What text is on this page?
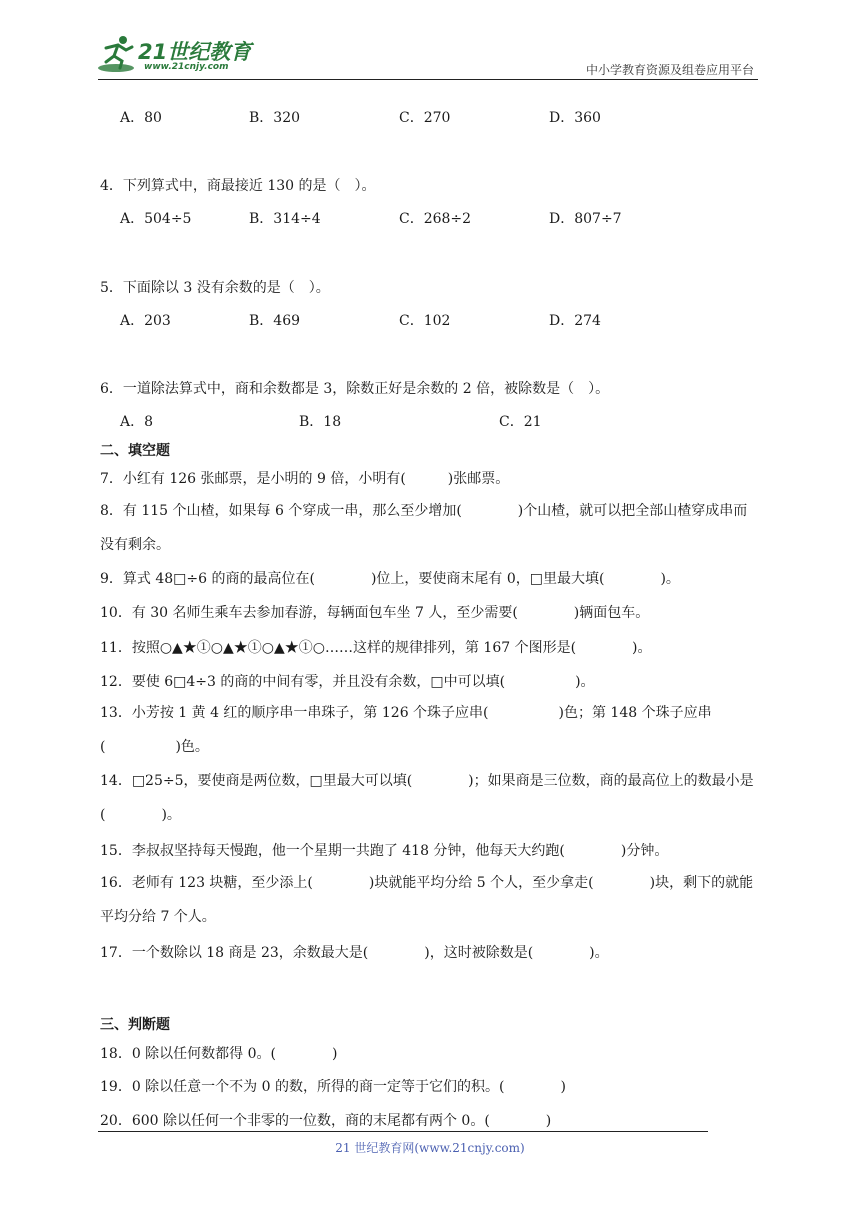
21世纪教育
www.21cnjy.com	中小学教育资源及组卷应用平台
A．80	B．320	C．270	D．360
4．下列算式中，商最接近 130 的是（　）。
A．504÷5	B．314÷4	C．268÷2	D．807÷7
5．下面除以 3 没有余数的是（　）。
A．203	B．469	C．102	D．274
6．一道除法算式中，商和余数都是 3，除数正好是余数的 2 倍，被除数是（　）。
A．8	B．18	C．21
二、填空题
7．小红有 126 张邮票，是小明的 9 倍，小明有(　　　)张邮票。
8．有 115 个山楂，如果每 6 个穿成一串，那么至少增加(　　　　)个山楂，就可以把全部山楂穿成串而没有剩余。
9．算式 48□÷6 的商的最高位在(　　　　)位上，要使商末尾有 0，□里最大填(　　　　)。
10．有 30 名师生乘车去参加春游，每辆面包车坐 7 人，至少需要(　　　　)辆面包车。
11．按照○▲★①○▲★①○▲★①○……这样的规律排列，第 167 个图形是(　　　　)。
12．要使 6□4÷3 的商的中间有零，并且没有余数，□中可以填(　　　　　)。
13．小芳按 1 黄 4 红的顺序串一串珠子，第 126 个珠子应串(　　　　　)色；第 148 个珠子应串(　　　　　)色。
14．□25÷5，要使商是两位数，□里最大可以填(　　　　)；如果商是三位数，商的最高位上的数最小是(　　　　)。
15．李叔叔坚持每天慢跑，他一个星期一共跑了 418 分钟，他每天大约跑(　　　　)分钟。
16．老师有 123 块糖，至少添上(　　　　)块就能平均分给 5 个人，至少拿走(　　　　)块，剩下的就能平均分给 7 个人。
17．一个数除以 18 商是 23，余数最大是(　　　　)，这时被除数是(　　　　)。
三、判断题
18．0 除以任何数都得 0。(　　　　)
19．0 除以任意一个不为 0 的数，所得的商一定等于它们的积。(　　　　)
20．600 除以任何一个非零的一位数，商的末尾都有两个 0。(　　　　)
21 世纪教育网(www.21cnjy.com)
